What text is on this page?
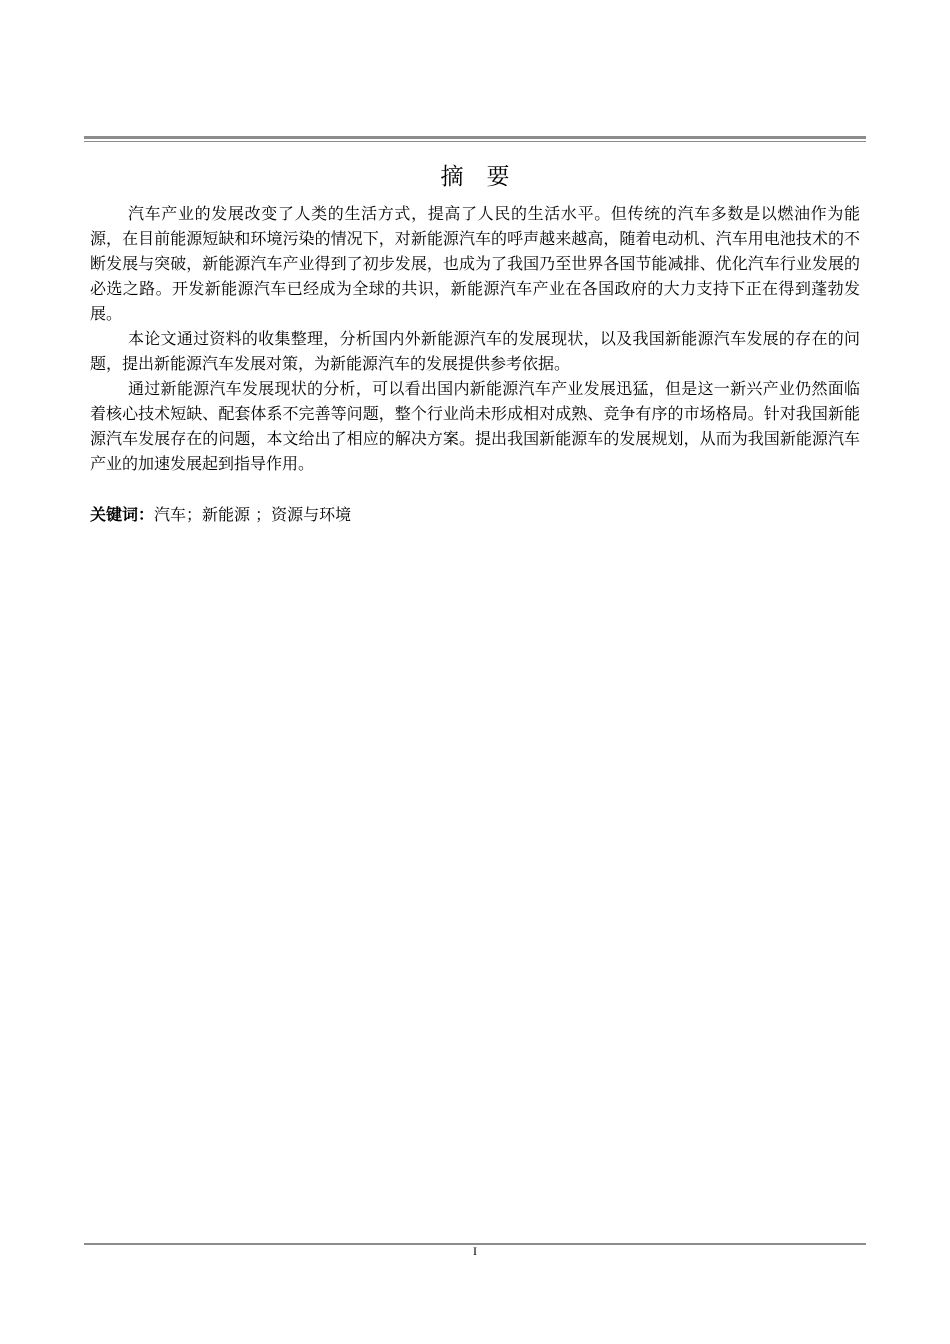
摘　要

汽车产业的发展改变了人类的生活方式，提高了人民的生活水平。但传统的汽车多数是以燃油作为能源，在目前能源短缺和环境污染的情况下，对新能源汽车的呼声越来越高，随着电动机、汽车用电池技术的不断发展与突破，新能源汽车产业得到了初步发展，也成为了我国乃至世界各国节能减排、优化汽车行业发展的必选之路。开发新能源汽车已经成为全球的共识，新能源汽车产业在各国政府的大力支持下正在得到蓬勃发展。

本论文通过资料的收集整理，分析国内外新能源汽车的发展现状，以及我国新能源汽车发展的存在的问题，提出新能源汽车发展对策，为新能源汽车的发展提供参考依据。

通过新能源汽车发展现状的分析，可以看出国内新能源汽车产业发展迅猛，但是这一新兴产业仍然面临着核心技术短缺、配套体系不完善等问题，整个行业尚未形成相对成熟、竞争有序的市场格局。针对我国新能源汽车发展存在的问题，本文给出了相应的解决方案。提出我国新能源车的发展规划，从而为我国新能源汽车产业的加速发展起到指导作用。

关键词：汽车；新能源 ；资源与环境
I
